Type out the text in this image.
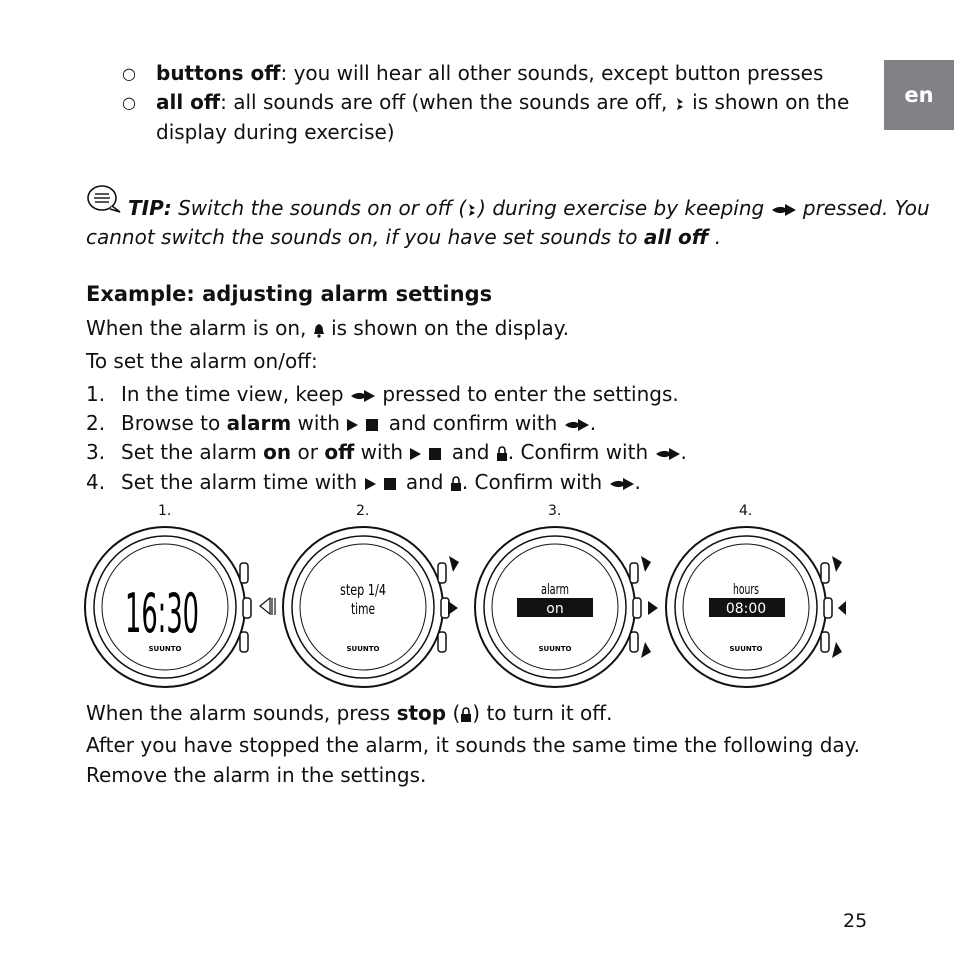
en
○ buttons off: you will hear all other sounds, except button presses
○ all off: all sounds are off (when the sounds are off,  is shown on the
display during exercise)
TIP: Switch the sounds on or off ( ) during exercise by keeping  pressed. You
cannot switch the sounds on, if you have set sounds to all off .
Example: adjusting alarm settings
When the alarm is on,  is shown on the display.
To set the alarm on/off:
1. In the time view, keep  pressed to enter the settings.
2. Browse to alarm with  and confirm with .
3. Set the alarm on or off with  and . Confirm with .
4. Set the alarm time with  and . Confirm with .
1.	2.	3.	4.
16:30
SUUNTO
step 1/4
time
SUUNTO
alarm
on
SUUNTO
hours
08:00
SUUNTO
When the alarm sounds, press stop ( ) to turn it off.
After you have stopped the alarm, it sounds the same time the following day.
Remove the alarm in the settings.
25
